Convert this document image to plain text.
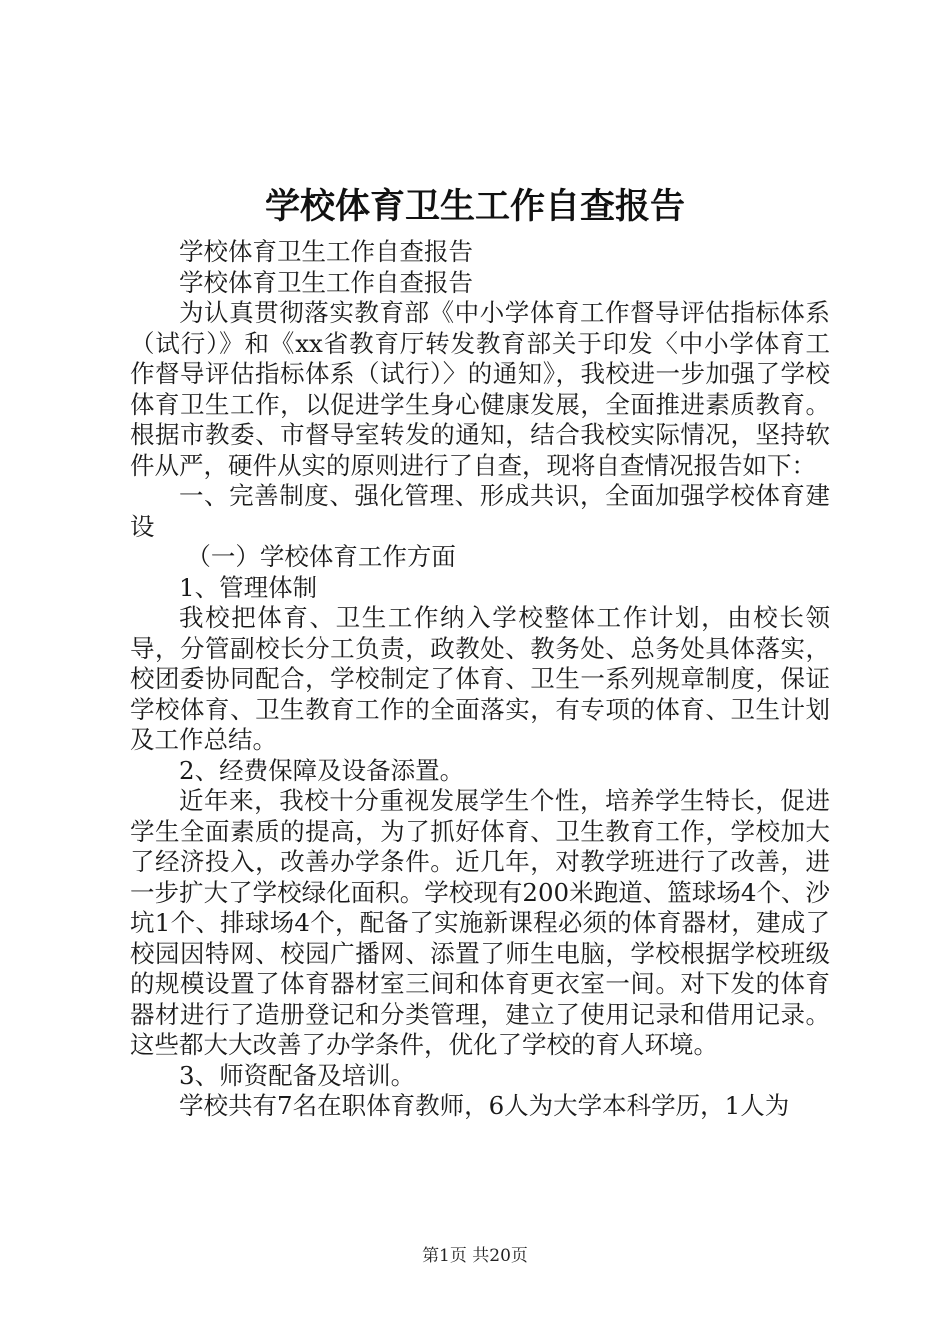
学校体育卫生工作自查报告

学校体育卫生工作自查报告

学校体育卫生工作自查报告

为认真贯彻落实教育部《中小学体育工作督导评估指标体系（试行）》和《xx省教育厅转发教育部关于印发〈中小学体育工作督导评估指标体系（试行）〉的通知》，我校进一步加强了学校体育卫生工作，以促进学生身心健康发展，全面推进素质教育。根据市教委、市督导室转发的通知，结合我校实际情况，坚持软件从严，硬件从实的原则进行了自查，现将自查情况报告如下：

一、完善制度、强化管理、形成共识，全面加强学校体育建设

（一）学校体育工作方面

1、管理体制

我校把体育、卫生工作纳入学校整体工作计划，由校长领导，分管副校长分工负责，政教处、教务处、总务处具体落实，校团委协同配合，学校制定了体育、卫生一系列规章制度，保证学校体育、卫生教育工作的全面落实，有专项的体育、卫生计划及工作总结。

2、经费保障及设备添置。

近年来，我校十分重视发展学生个性，培养学生特长，促进学生全面素质的提高，为了抓好体育、卫生教育工作，学校加大了经济投入，改善办学条件。近几年，对教学班进行了改善，进一步扩大了学校绿化面积。学校现有200米跑道、篮球场4个、沙坑1个、排球场4个，配备了实施新课程必须的体育器材，建成了校园因特网、校园广播网、添置了师生电脑，学校根据学校班级的规模设置了体育器材室三间和体育更衣室一间。对下发的体育器材进行了造册登记和分类管理，建立了使用记录和借用记录。这些都大大改善了办学条件，优化了学校的育人环境。

3、师资配备及培训。

学校共有7名在职体育教师，6人为大学本科学历，1人为

第1页 共20页
